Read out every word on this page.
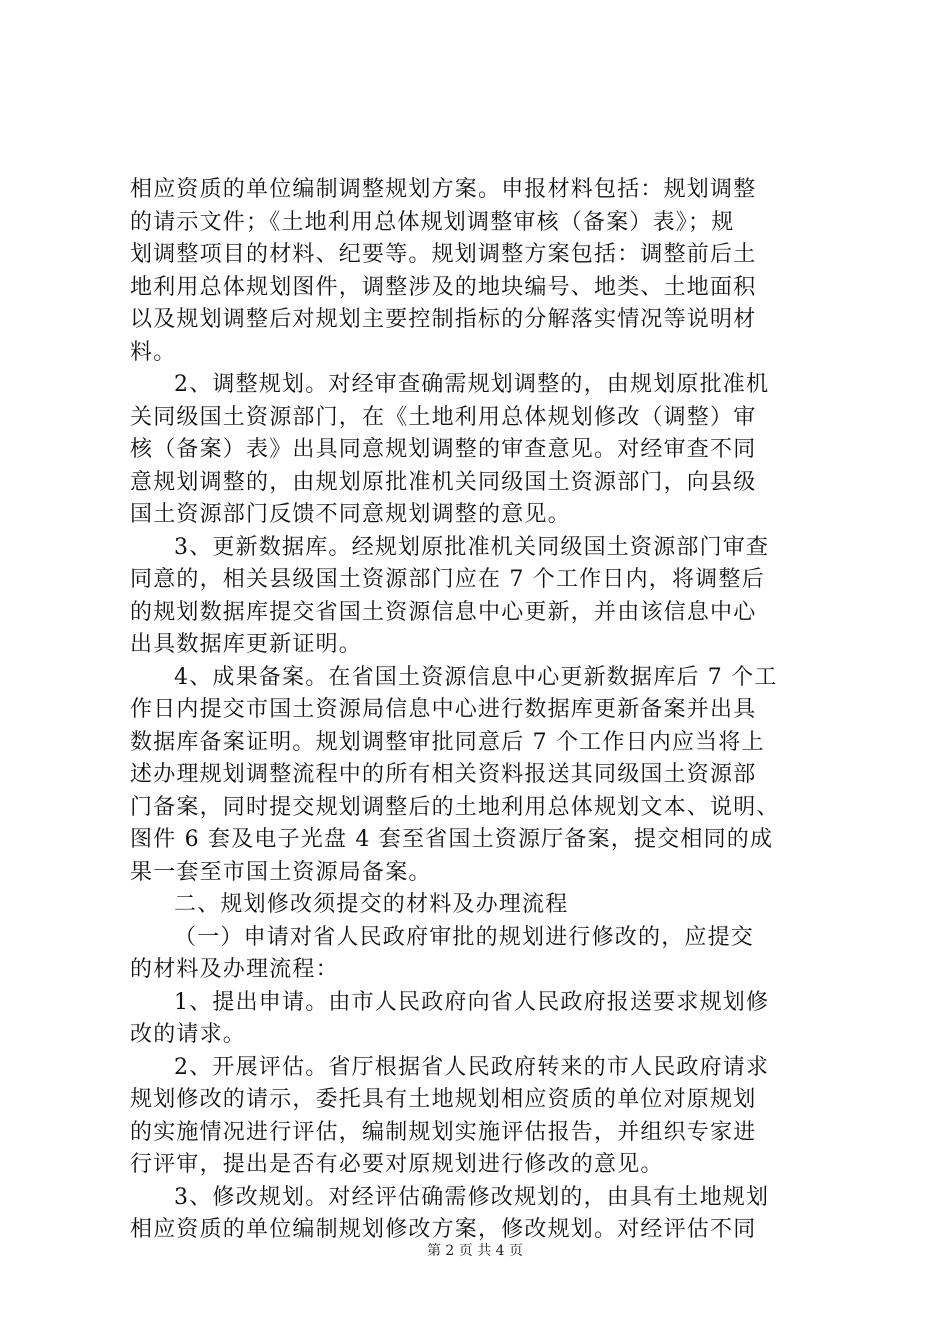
相应资质的单位编制调整规划方案。申报材料包括：规划调整
的请示文件；《土地利用总体规划调整审核（备案）表》；规
划调整项目的材料、纪要等。规划调整方案包括：调整前后土
地利用总体规划图件，调整涉及的地块编号、地类、土地面积
以及规划调整后对规划主要控制指标的分解落实情况等说明材
料。
2、调整规划。对经审查确需规划调整的，由规划原批准机
关同级国土资源部门，在《土地利用总体规划修改（调整）审
核（备案）表》出具同意规划调整的审查意见。对经审查不同
意规划调整的，由规划原批准机关同级国土资源部门，向县级
国土资源部门反馈不同意规划调整的意见。
3、更新数据库。经规划原批准机关同级国土资源部门审查
同意的，相关县级国土资源部门应在 7 个工作日内，将调整后
的规划数据库提交省国土资源信息中心更新，并由该信息中心
出具数据库更新证明。
4、成果备案。在省国土资源信息中心更新数据库后 7 个工
作日内提交市国土资源局信息中心进行数据库更新备案并出具
数据库备案证明。规划调整审批同意后 7 个工作日内应当将上
述办理规划调整流程中的所有相关资料报送其同级国土资源部
门备案，同时提交规划调整后的土地利用总体规划文本、说明、
图件 6 套及电子光盘 4 套至省国土资源厅备案，提交相同的成
果一套至市国土资源局备案。
二、规划修改须提交的材料及办理流程
（一）申请对省人民政府审批的规划进行修改的，应提交
的材料及办理流程：
1、提出申请。由市人民政府向省人民政府报送要求规划修
改的请求。
2、开展评估。省厅根据省人民政府转来的市人民政府请求
规划修改的请示，委托具有土地规划相应资质的单位对原规划
的实施情况进行评估，编制规划实施评估报告，并组织专家进
行评审，提出是否有必要对原规划进行修改的意见。
3、修改规划。对经评估确需修改规划的，由具有土地规划
相应资质的单位编制规划修改方案，修改规划。对经评估不同
第 2 页 共 4 页
